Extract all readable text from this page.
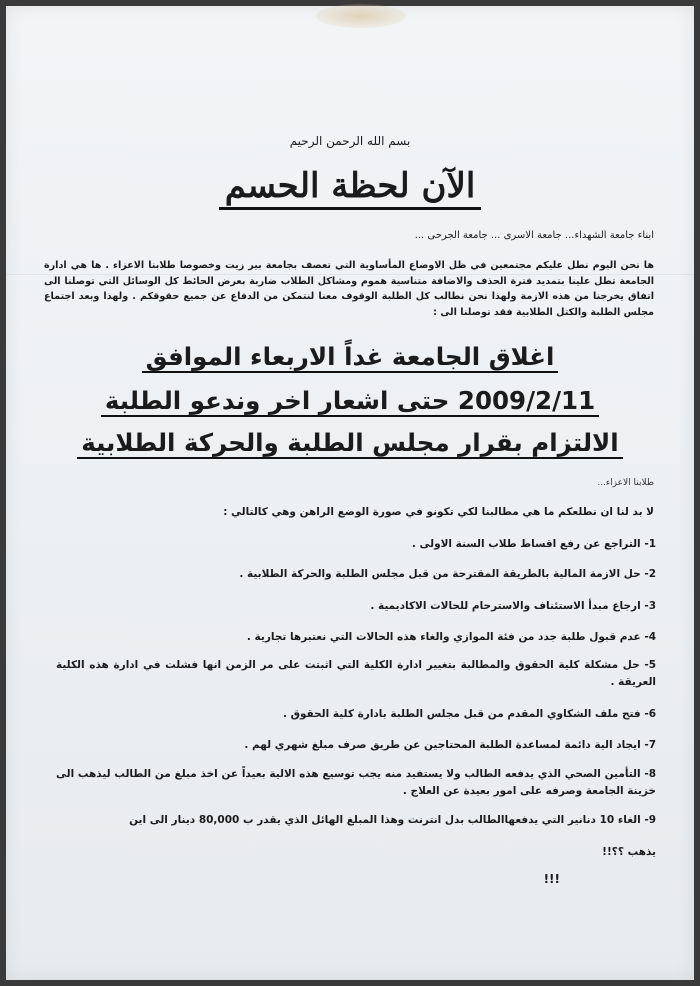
بسم الله الرحمن الرحيم
الآن لحظة الحسم
ابناء جامعة الشهداء... جامعة الاسرى ... جامعة الجرحى ...
ها نحن اليوم نطل عليكم مجتمعين في ظل الاوضاع المأساوية التي تعصف بجامعة بير زيت وخصوصا طلابنا الاعزاء . ها هي ادارة الجامعة تطل علينا بتمديد فترة الحذف والاضافة متناسية هموم ومشاكل الطلاب ضاربة بعرض الحائط كل الوسائل التي توصلنا الى اتفاق يخرجنا من هذه الازمة ولهذا نحن نطالب كل الطلبة الوقوف معنا لنتمكن من الدفاع عن جميع حقوقكم . ولهذا وبعد اجتماع مجلس الطلبة والكتل الطلابية فقد توصلنا الى :
اغلاق الجامعة غداً الاربعاء الموافق
2009/2/11 حتى اشعار اخر وندعو الطلبة
الالتزام بقرار مجلس الطلبة والحركة الطلابية
طلابنا الاعزاء...
لا بد لنا ان نطلعكم ما هي مطالبنا لكي تكونو في صورة الوضع الراهن وهي كالتالي :
1- التراجع عن رفع اقساط طلاب السنة الاولى .
2- حل الازمة المالية بالطريقة المقترحة من قبل مجلس الطلبة والحركة الطلابية .
3- ارجاع مبدأ الاستئناف والاسترحام للحالات الاكاديمية .
4- عدم قبول طلبة جدد من فئة الموازي والغاء هذه الحالات التي نعتبرها تجارية .
5- حل مشكلة كلية الحقوق والمطالبة بتغيير ادارة الكلية التي اثبتت على مر الزمن انها فشلت في ادارة هذه الكلية العريقة .
6- فتح ملف الشكاوي المقدم من قبل مجلس الطلبة بادارة كلية الحقوق .
7- ايجاد الية دائمة لمساعدة الطلبة المحتاجين عن طريق صرف مبلغ شهري لهم .
8- التأمين الصحي الذي يدفعه الطالب ولا يستفيد منه يجب توسيع هذه الالية بعيداً عن اخذ مبلغ من الطالب ليذهب الى خزينة الجامعة وصرفه على امور بعيدة عن العلاج .
9- الغاء 10 دنانير التي يدفعهاالطالب بدل انترنت وهذا المبلغ الهائل الذي يقدر ب 80,000 دينار الى اين
يذهب ؟؟!!
!!!
